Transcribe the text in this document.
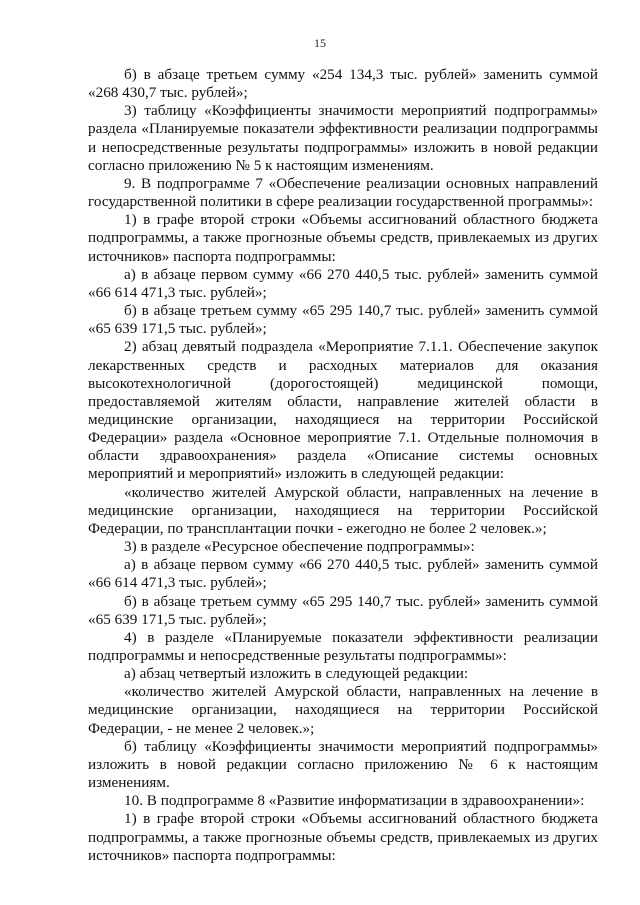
15

б) в абзаце третьем сумму «254 134,3 тыс. рублей» заменить суммой «268 430,7 тыс. рублей»;

3) таблицу «Коэффициенты значимости мероприятий подпрограммы» раздела «Планируемые показатели эффективности реализации подпрограммы и непосредственные результаты подпрограммы» изложить в новой редакции согласно приложению № 5 к настоящим изменениям.

9. В подпрограмме 7 «Обеспечение реализации основных направлений государственной политики в сфере реализации государственной программы»:

1) в графе второй строки «Объемы ассигнований областного бюджета подпрограммы, а также прогнозные объемы средств, привлекаемых из других источников» паспорта подпрограммы:

а) в абзаце первом сумму «66 270 440,5 тыс. рублей» заменить суммой «66 614 471,3 тыс. рублей»;

б) в абзаце третьем сумму «65 295 140,7 тыс. рублей» заменить суммой «65 639 171,5 тыс. рублей»;

2) абзац девятый подраздела «Мероприятие 7.1.1. Обеспечение закупок лекарственных средств и расходных материалов для оказания высокотехнологичной (дорогостоящей) медицинской помощи, предоставляемой жителям области, направление жителей области в медицинские организации, находящиеся на территории Российской Федерации» раздела «Основное мероприятие 7.1. Отдельные полномочия в области здравоохранения» раздела «Описание системы основных мероприятий и мероприятий» изложить в следующей редакции:

«количество жителей Амурской области, направленных на лечение в медицинские организации, находящиеся на территории Российской Федерации, по трансплантации почки - ежегодно не более 2 человек.»;

3) в разделе «Ресурсное обеспечение подпрограммы»:

а) в абзаце первом сумму «66 270 440,5 тыс. рублей» заменить суммой «66 614 471,3 тыс. рублей»;

б) в абзаце третьем сумму «65 295 140,7 тыс. рублей» заменить суммой «65 639 171,5 тыс. рублей»;

4) в разделе «Планируемые показатели эффективности реализации подпрограммы и непосредственные результаты подпрограммы»:

а) абзац четвертый изложить в следующей редакции:

«количество жителей Амурской области, направленных на лечение в медицинские организации, находящиеся на территории Российской Федерации, - не менее 2 человек.»;

б) таблицу «Коэффициенты значимости мероприятий подпрограммы» изложить в новой редакции согласно приложению № 6 к настоящим изменениям.

10. В подпрограмме 8 «Развитие информатизации в здравоохранении»:

1) в графе второй строки «Объемы ассигнований областного бюджета подпрограммы, а также прогнозные объемы средств, привлекаемых из других источников» паспорта подпрограммы:
